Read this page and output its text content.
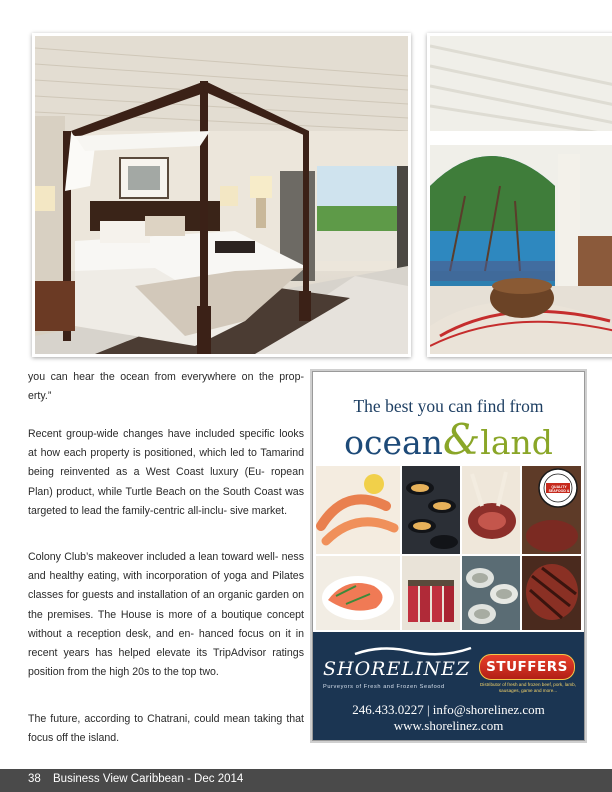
you can hear the ocean from everywhere on the prop- erty.”

Recent group-wide changes have included specific looks at how each property is positioned, which led to Tamarind being reinvented as a West Coast luxury (Eu- ropean Plan) product, while Turtle Beach on the South Coast was targeted to lead the family-centric all-inclu- sive market.

Colony Club’s makeover included a lean toward well- ness and healthy eating, with incorporation of yoga and Pilates classes for guests and installation of an organic garden on the premises. The House is more of a boutique concept without a reception desk, and en- hanced focus on it in recent years has helped elevate its TripAdvisor ratings position from the high 20s to the top two.

The future, according to Chatrani, could mean taking that focus off the island.

The best you can find from
ocean&land
QUALITY SEAFOOD & MEATS
SHORELINEZ
Purveyors of Fresh and Frozen Seafood
STUFFERS
Distributor of fresh and frozen beef, pork, lamb, sausages, game and more...
246.433.0227 | info@shorelinez.com
www.shorelinez.com
38 Business View Caribbean - Dec 2014
